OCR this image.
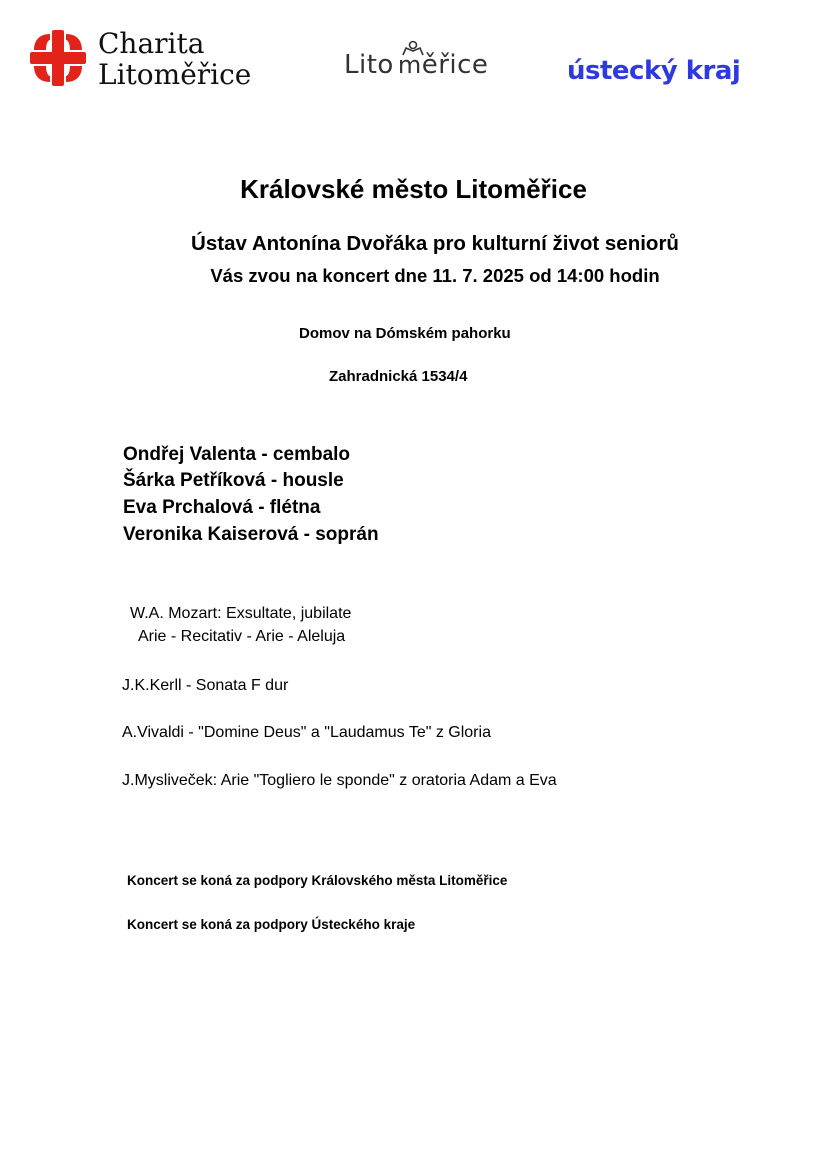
Charita
Litoměřice	Lito měřice	ústecký kraj
Královské město Litoměřice
Ústav Antonína Dvořáka pro kulturní život seniorů
Vás zvou na koncert dne 11. 7. 2025 od 14:00 hodin
Domov na Dómském pahorku
Zahradnická 1534/4
Ondřej Valenta - cembalo
Šárka Petříková - housle
Eva Prchalová - flétna
Veronika Kaiserová - soprán
W.A. Mozart: Exsultate, jubilate
Arie - Recitativ - Arie - Aleluja
J.K.Kerll - Sonata F dur
A.Vivaldi - "Domine Deus" a "Laudamus Te" z Gloria
J.Mysliveček: Arie "Togliero le sponde" z oratoria Adam a Eva
Koncert se koná za podpory Královského města Litoměřice
Koncert se koná za podpory Ústeckého kraje
